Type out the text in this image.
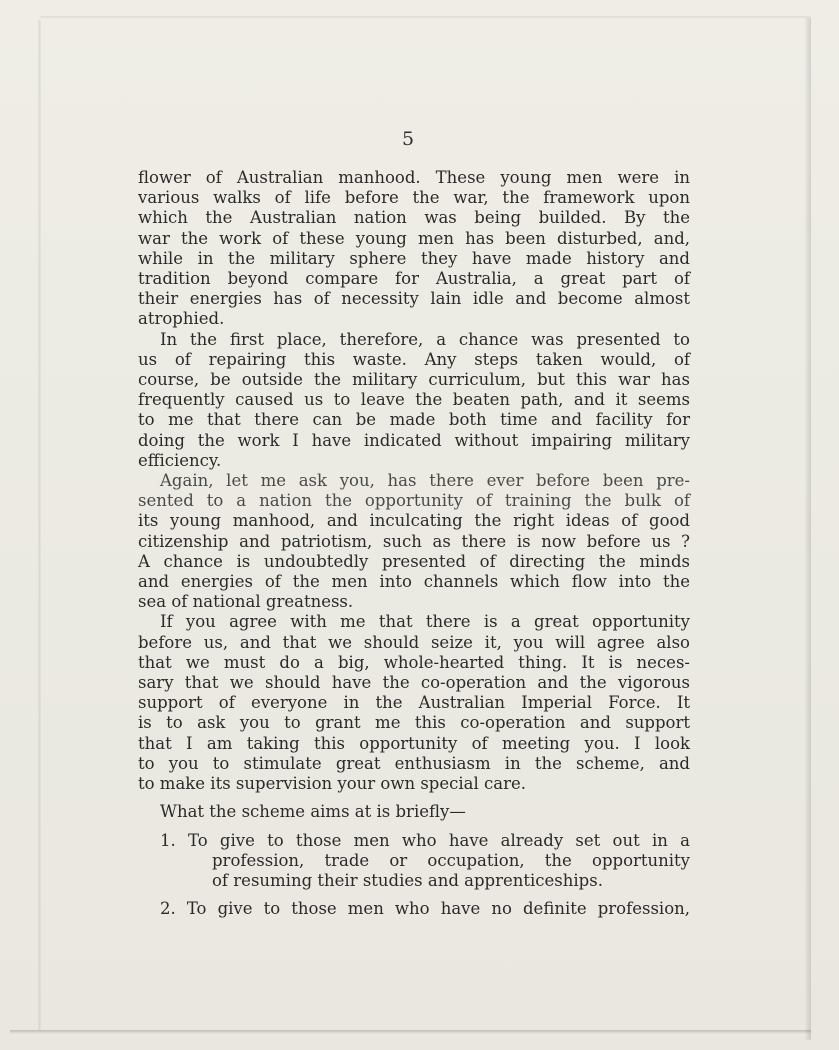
5
flower of Australian manhood. These young men were in
various walks of life before the war, the framework upon
which the Australian nation was being builded. By the
war the work of these young men has been disturbed, and,
while in the military sphere they have made history and
tradition beyond compare for Australia, a great part of
their energies has of necessity lain idle and become almost
atrophied.
In the first place, therefore, a chance was presented to
us of repairing this waste. Any steps taken would, of
course, be outside the military curriculum, but this war has
frequently caused us to leave the beaten path, and it seems
to me that there can be made both time and facility for
doing the work I have indicated without impairing military
efficiency.
Again, let me ask you, has there ever before been pre-
sented to a nation the opportunity of training the bulk of
its young manhood, and inculcating the right ideas of good
citizenship and patriotism, such as there is now before us ?
A chance is undoubtedly presented of directing the minds
and energies of the men into channels which flow into the
sea of national greatness.
If you agree with me that there is a great opportunity
before us, and that we should seize it, you will agree also
that we must do a big, whole-hearted thing. It is neces-
sary that we should have the co-operation and the vigorous
support of everyone in the Australian Imperial Force. It
is to ask you to grant me this co-operation and support
that I am taking this opportunity of meeting you. I look
to you to stimulate great enthusiasm in the scheme, and
to make its supervision your own special care.
What the scheme aims at is briefly—
1. To give to those men who have already set out in a
profession, trade or occupation, the opportunity
of resuming their studies and apprenticeships.
2. To give to those men who have no definite profession,
